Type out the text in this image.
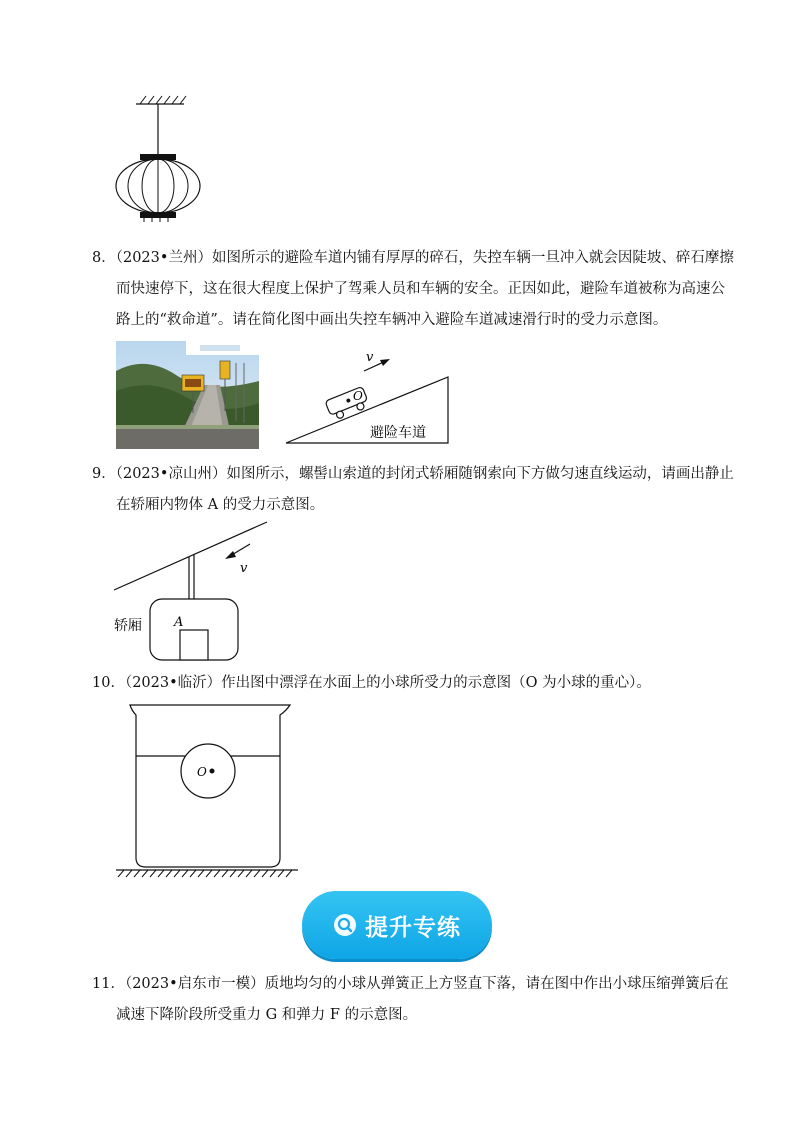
8．（2023•兰州）如图所示的避险车道内铺有厚厚的碎石，失控车辆一旦冲入就会因陡坡、碎石摩擦
而快速停下，这在很大程度上保护了驾乘人员和车辆的安全。正因如此，避险车道被称为高速公
路上的“救命道”。请在简化图中画出失控车辆冲入避险车道减速滑行时的受力示意图。
O
v
避险车道
9．（2023•凉山州）如图所示，螺髻山索道的封闭式轿厢随钢索向下方做匀速直线运动，请画出静止
在轿厢内物体 A 的受力示意图。
A
轿厢
v
10．（2023•临沂）作出图中漂浮在水面上的小球所受力的示意图（O 为小球的重心）。
O
提升专练
11．（2023•启东市一模）质地均匀的小球从弹簧正上方竖直下落，请在图中作出小球压缩弹簧后在
减速下降阶段所受重力 G 和弹力 F 的示意图。
